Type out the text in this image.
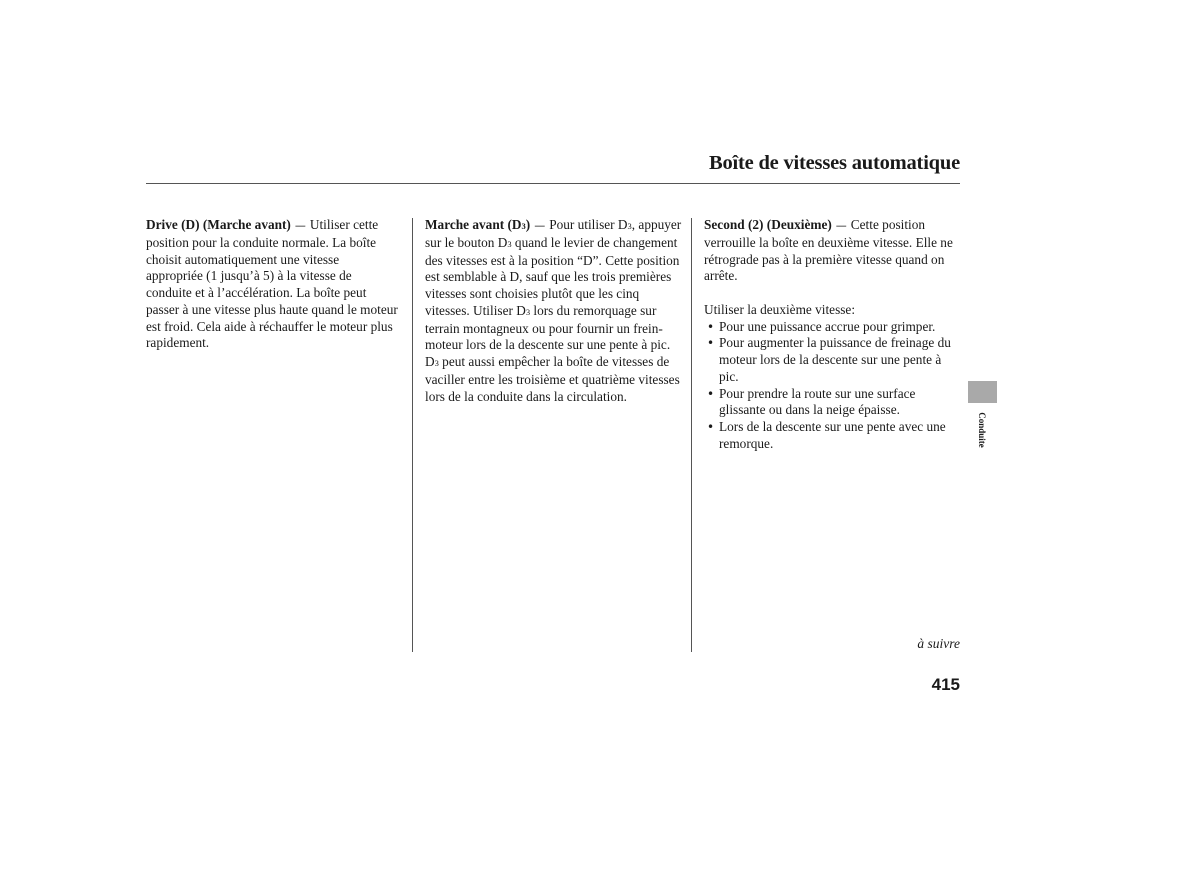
Boîte de vitesses automatique

Drive (D) (Marche avant) — Utiliser cette position pour la conduite normale. La boîte choisit automatiquement une vitesse appropriée (1 jusqu’à 5) à la vitesse de conduite et à l’accélération. La boîte peut passer à une vitesse plus haute quand le moteur est froid. Cela aide à réchauffer le moteur plus rapidement.

Marche avant (D3) — Pour utiliser D3, appuyer sur le bouton D3 quand le levier de changement des vitesses est à la position “D”. Cette position est semblable à D, sauf que les trois premières vitesses sont choisies plutôt que les cinq vitesses. Utiliser D3 lors du remorquage sur terrain montagneux ou pour fournir un frein-moteur lors de la descente sur une pente à pic. D3 peut aussi empêcher la boîte de vitesses de vaciller entre les troisième et quatrième vitesses lors de la conduite dans la circulation.

Second (2) (Deuxième) — Cette position verrouille la boîte en deuxième vitesse. Elle ne rétrograde pas à la première vitesse quand on arrête.

Utiliser la deuxième vitesse:

• Pour une puissance accrue pour grimper.
• Pour augmenter la puissance de freinage du moteur lors de la descente sur une pente à pic.
• Pour prendre la route sur une surface glissante ou dans la neige épaisse.
• Lors de la descente sur une pente avec une remorque.	Conduite
à suivre
415
